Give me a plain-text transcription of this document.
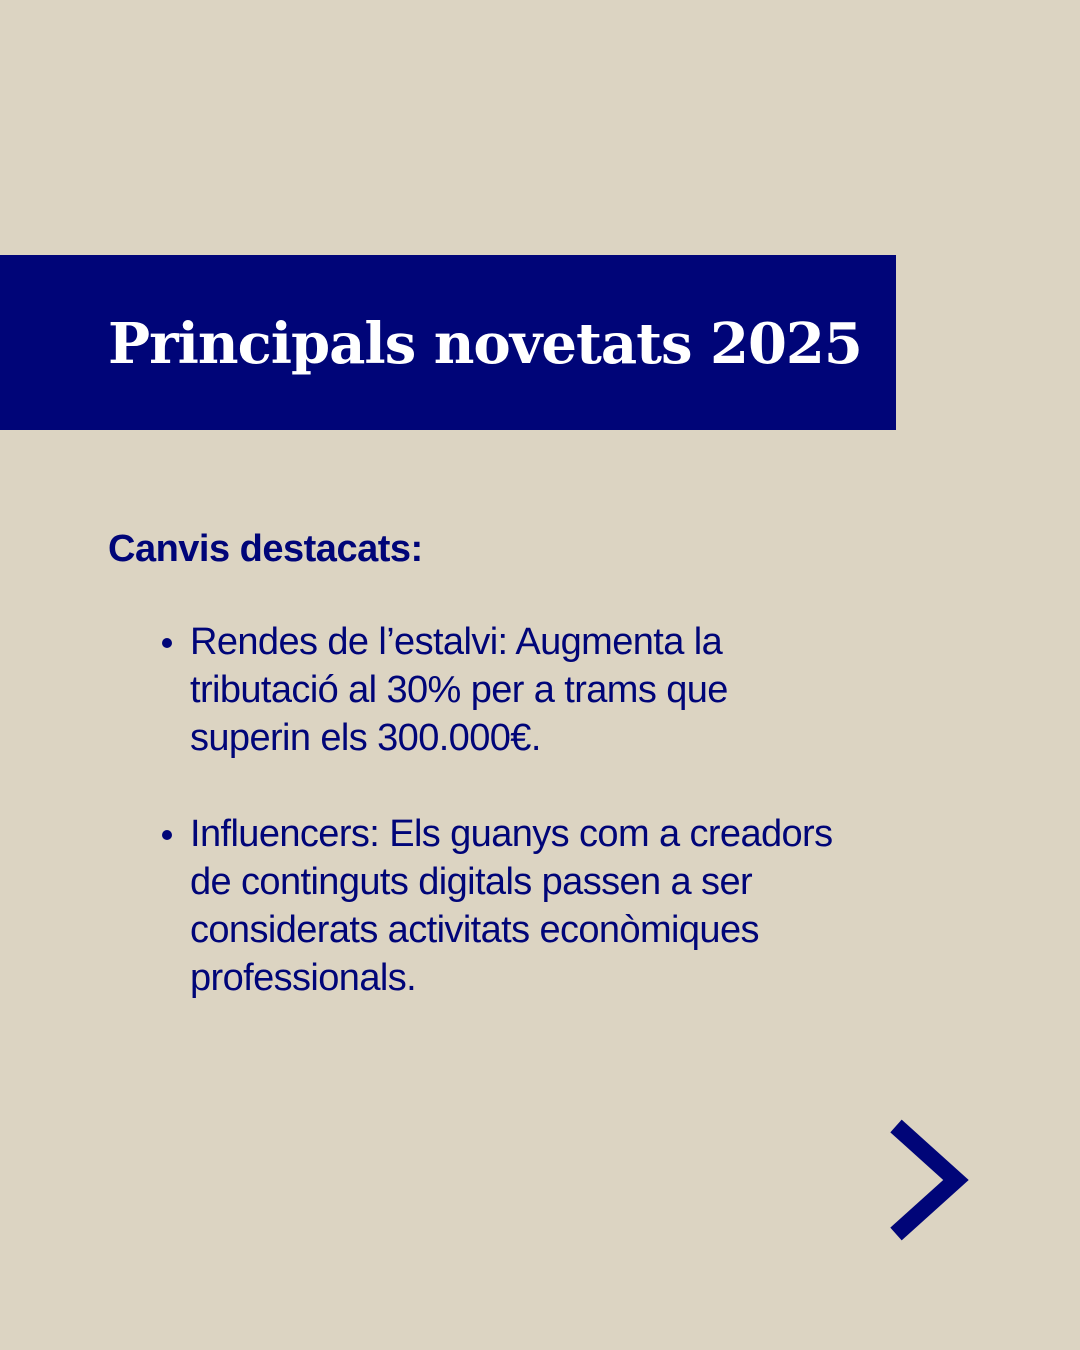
Principals novetats 2025
Canvis destacats:
Rendes de l’estalvi: Augmenta la tributació al 30% per a trams que superin els 300.000€.
Influencers: Els guanys com a creadors de continguts digitals passen a ser considerats activitats econòmiques professionals.
